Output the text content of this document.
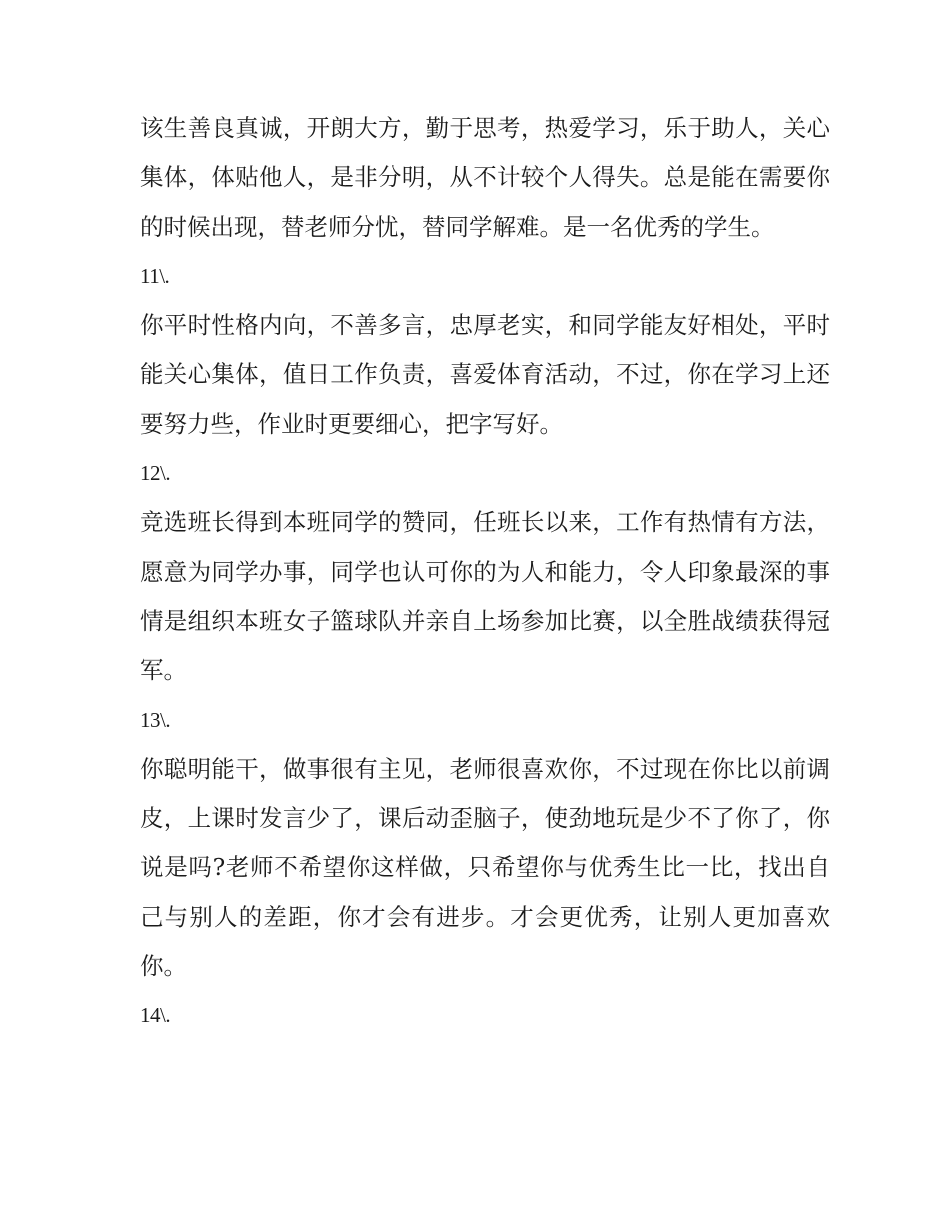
该生善良真诚，开朗大方，勤于思考，热爱学习，乐于助人，关心集体，体贴他人，是非分明，从不计较个人得失。总是能在需要你的时候出现，替老师分忧，替同学解难。是一名优秀的学生。

11\.

你平时性格内向，不善多言，忠厚老实，和同学能友好相处，平时能关心集体，值日工作负责，喜爱体育活动，不过，你在学习上还要努力些，作业时更要细心，把字写好。

12\.

竞选班长得到本班同学的赞同，任班长以来，工作有热情有方法，愿意为同学办事，同学也认可你的为人和能力，令人印象最深的事情是组织本班女子篮球队并亲自上场参加比赛，以全胜战绩获得冠军。

13\.

你聪明能干，做事很有主见，老师很喜欢你，不过现在你比以前调皮，上课时发言少了，课后动歪脑子，使劲地玩是少不了你了，你说是吗?老师不希望你这样做，只希望你与优秀生比一比，找出自己与别人的差距，你才会有进步。才会更优秀，让别人更加喜欢你。

14\.
